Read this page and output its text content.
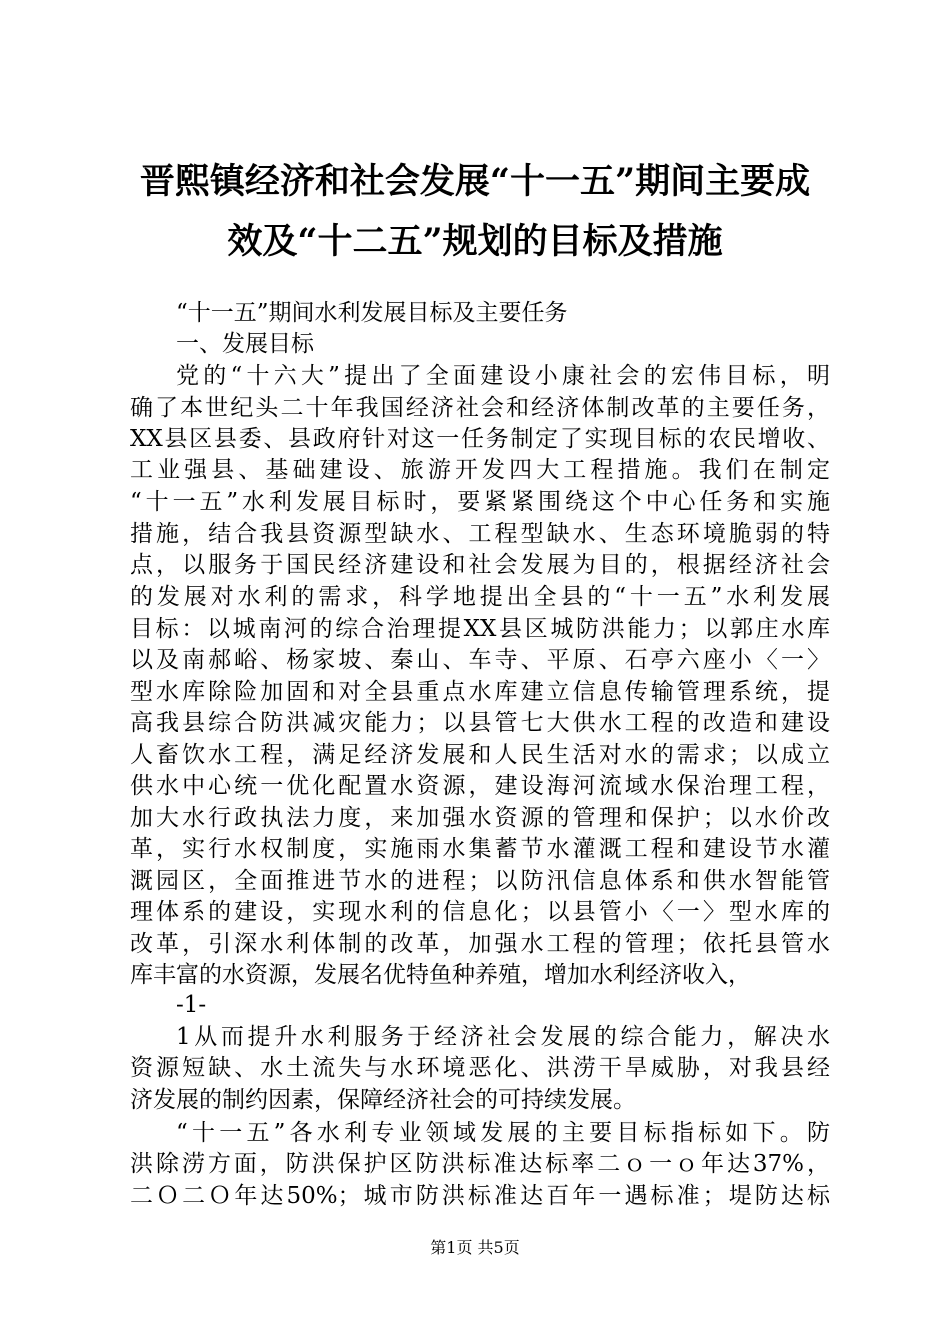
晋熙镇经济和社会发展“十一五”期间主要成
效及“十二五”规划的目标及措施
“十一五”期间水利发展目标及主要任务
一、发展目标
党的“十六大”提出了全面建设小康社会的宏伟目标，明
确了本世纪头二十年我国经济社会和经济体制改革的主要任务，
XX县区县委、县政府针对这一任务制定了实现目标的农民增收、
工业强县、基础建设、旅游开发四大工程措施。我们在制定
“十一五”水利发展目标时，要紧紧围绕这个中心任务和实施
措施，结合我县资源型缺水、工程型缺水、生态环境脆弱的特
点，以服务于国民经济建设和社会发展为目的，根据经济社会
的发展对水利的需求，科学地提出全县的“十一五”水利发展
目标：以城南河的综合治理提XX县区城防洪能力；以郭庄水库
以及南郝峪、杨家坡、秦山、车寺、平原、石亭六座小〈一〉
型水库除险加固和对全县重点水库建立信息传输管理系统，提
高我县综合防洪减灾能力；以县管七大供水工程的改造和建设
人畜饮水工程，满足经济发展和人民生活对水的需求；以成立
供水中心统一优化配置水资源，建设海河流域水保治理工程，
加大水行政执法力度，来加强水资源的管理和保护；以水价改
革，实行水权制度，实施雨水集蓄节水灌溉工程和建设节水灌
溉园区，全面推进节水的进程；以防汛信息体系和供水智能管
理体系的建设，实现水利的信息化；以县管小〈一〉型水库的
改革，引深水利体制的改革，加强水工程的管理；依托县管水
库丰富的水资源，发展名优特鱼种养殖，增加水利经济收入，
-1-
1从而提升水利服务于经济社会发展的综合能力，解决水
资源短缺、水土流失与水环境恶化、洪涝干旱威胁，对我县经
济发展的制约因素，保障经济社会的可持续发展。
“十一五”各水利专业领域发展的主要目标指标如下。防
洪除涝方面，防洪保护区防洪标准达标率二ｏ一ｏ年达37%，
二Ｏ二Ｏ年达50%；城市防洪标准达百年一遇标准；堤防达标
第1页 共5页
